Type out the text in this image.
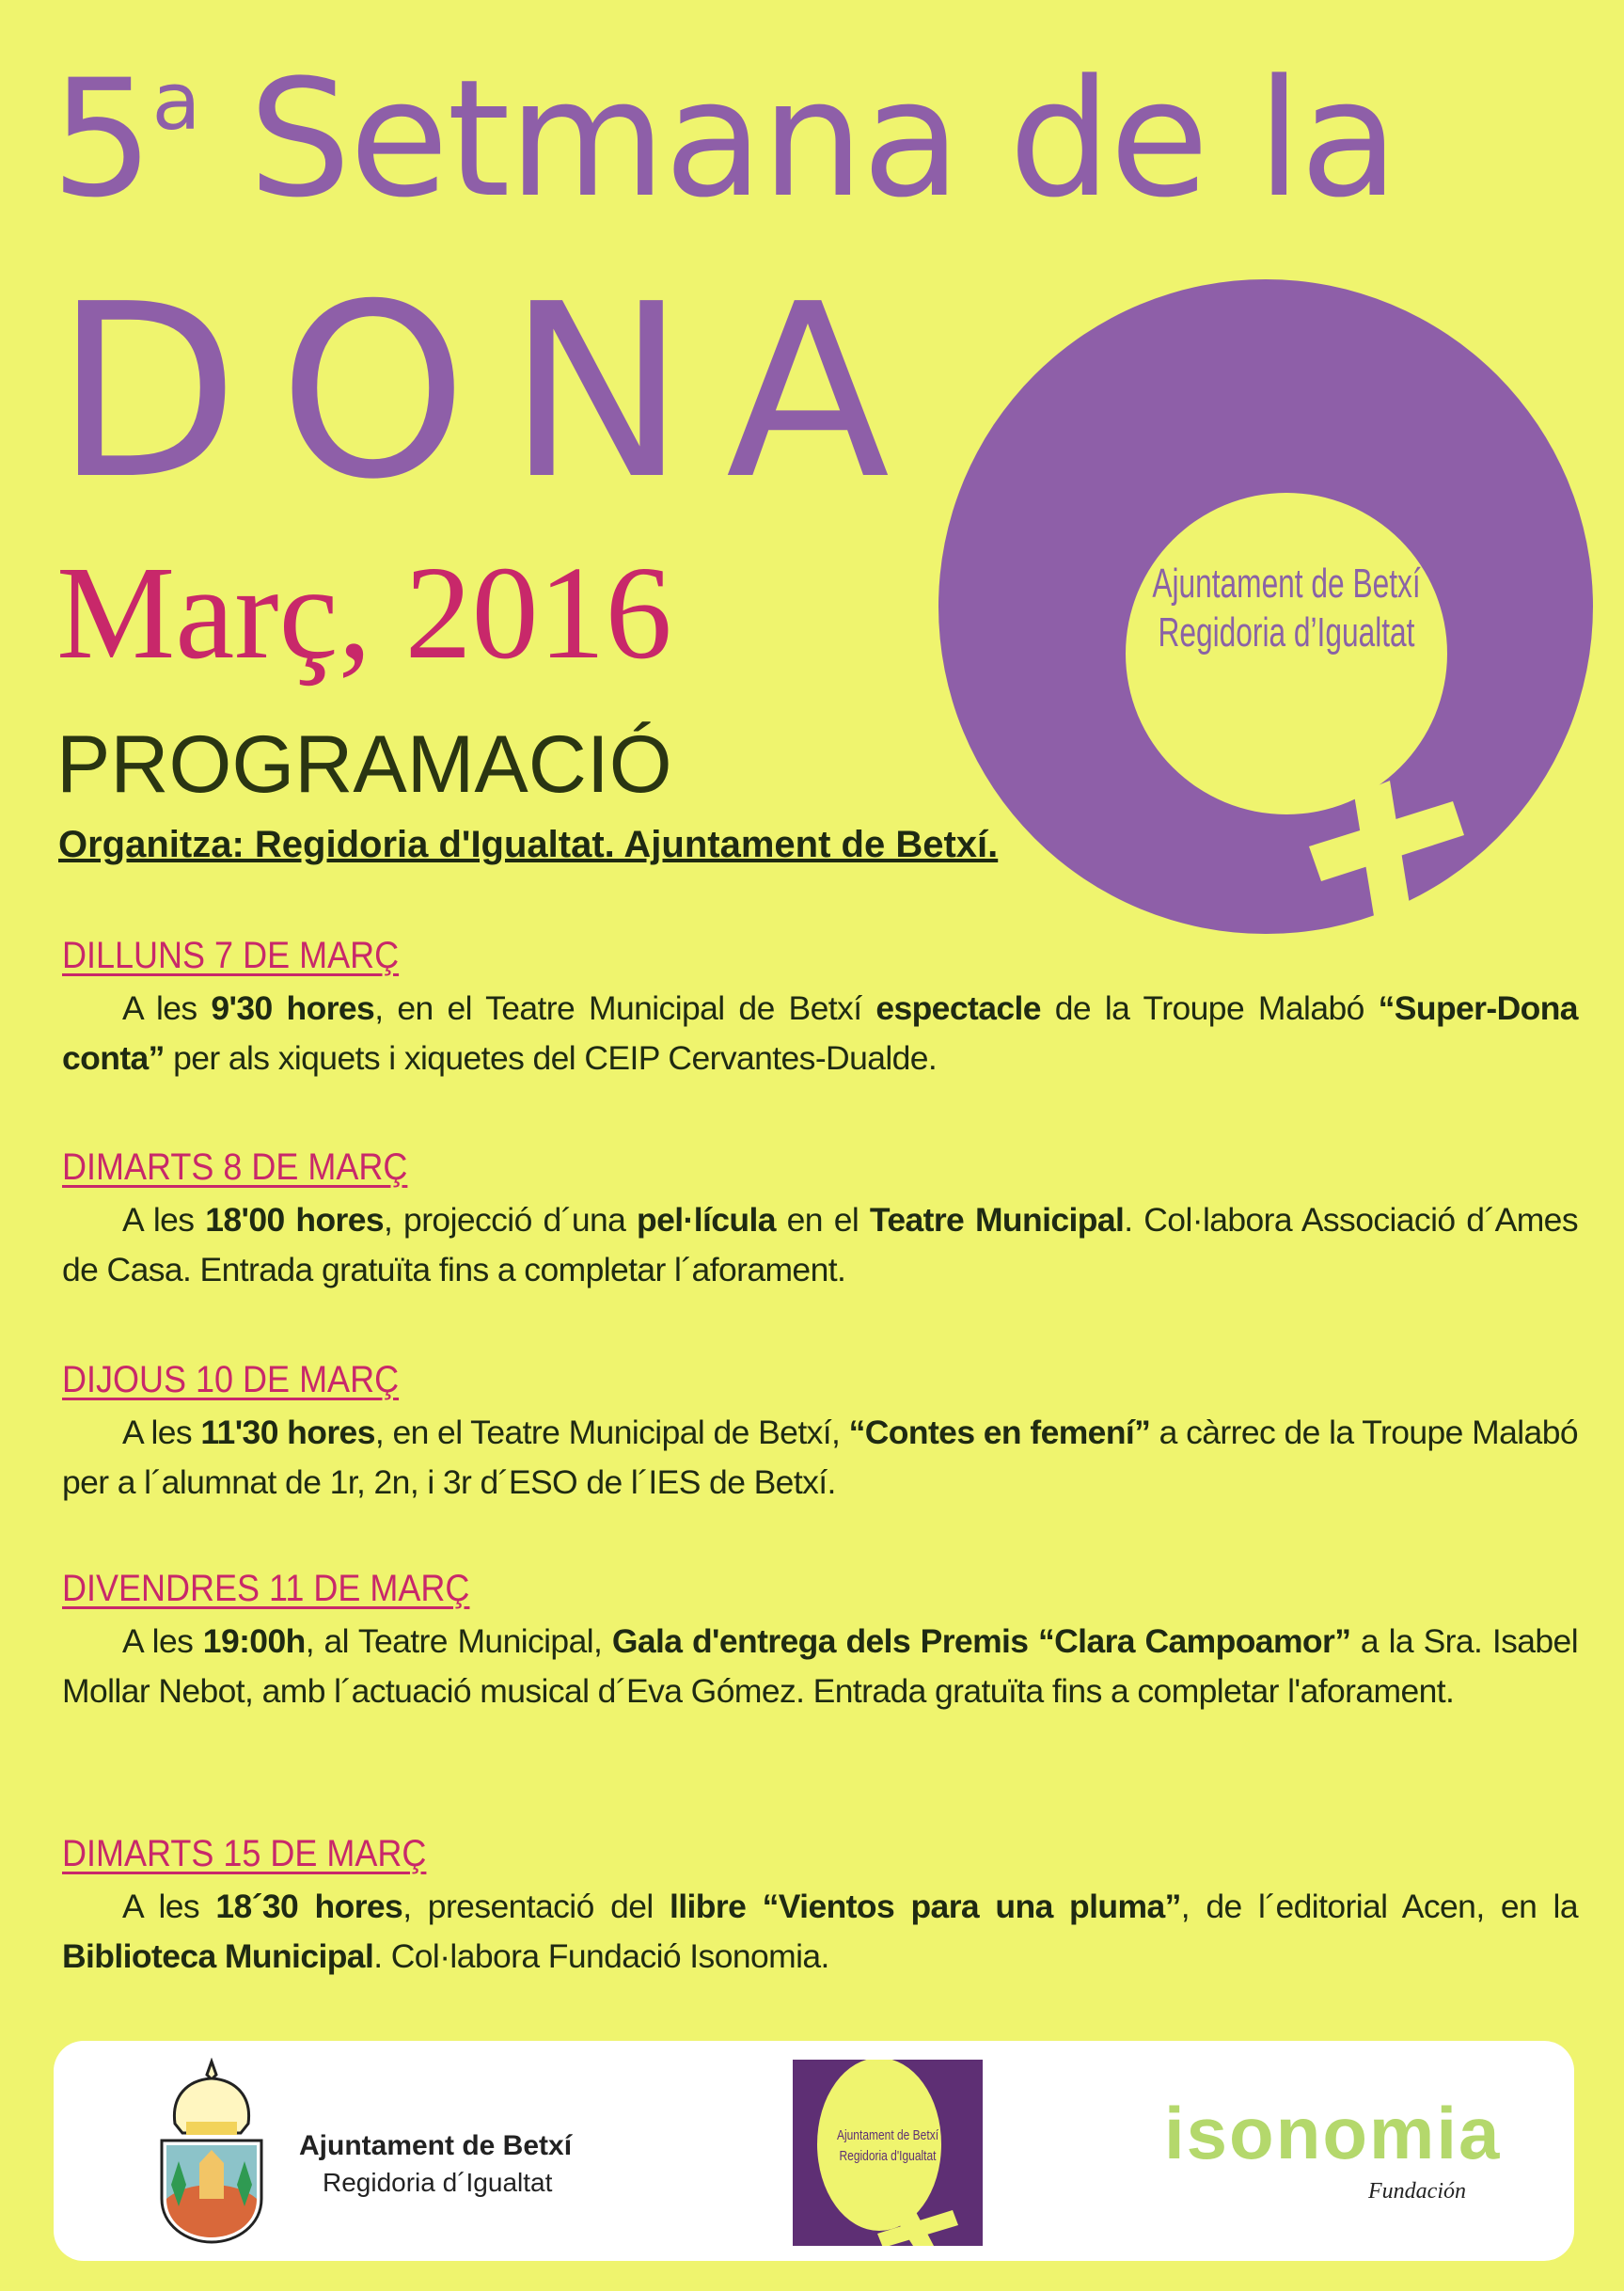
5$^a$ Setmana de la
DONA
Març, 2016
PROGRAMACIÓ
Organitza: Regidoria d'Igualtat. Ajuntament de Betxí.
Ajuntament de Betxí
Regidoria d’Igualtat
DILLUNS 7 DE MARÇ

A les 9'30 hores, en el Teatre Municipal de Betxí espectacle de la Troupe Malabó “Super-Dona conta” per als xiquets i xiquetes del CEIP Cervantes-Dualde.

DIMARTS 8 DE MARÇ

A les 18'00 hores, projecció d´una pel·lícula en el Teatre Municipal. Col·labora Associació d´Ames de Casa. Entrada gratuïta fins a completar l´aforament.

DIJOUS 10 DE MARÇ

A les 11'30 hores, en el Teatre Municipal de Betxí, “Contes en femení” a càrrec de la Troupe Malabó per a l´alumnat de 1r, 2n, i 3r d´ESO de l´IES de Betxí.

DIVENDRES 11 DE MARÇ

A les 19:00h, al Teatre Municipal, Gala d'entrega dels Premis “Clara Campoamor” a la Sra. Isabel Mollar Nebot, amb l´actuació musical d´Eva Gómez. Entrada gratuïta fins a completar l'aforament.

DIMARTS 15 DE MARÇ

A les 18´30 hores, presentació del llibre “Vientos para una pluma”, de l´editorial Acen, en la Biblioteca Municipal. Col·labora Fundació Isonomia.

Ajuntament de Betxí
Regidoria d´Igualtat
Ajuntament de Betxí
Regidoria d'Igualtat	isonomia
Fundación
